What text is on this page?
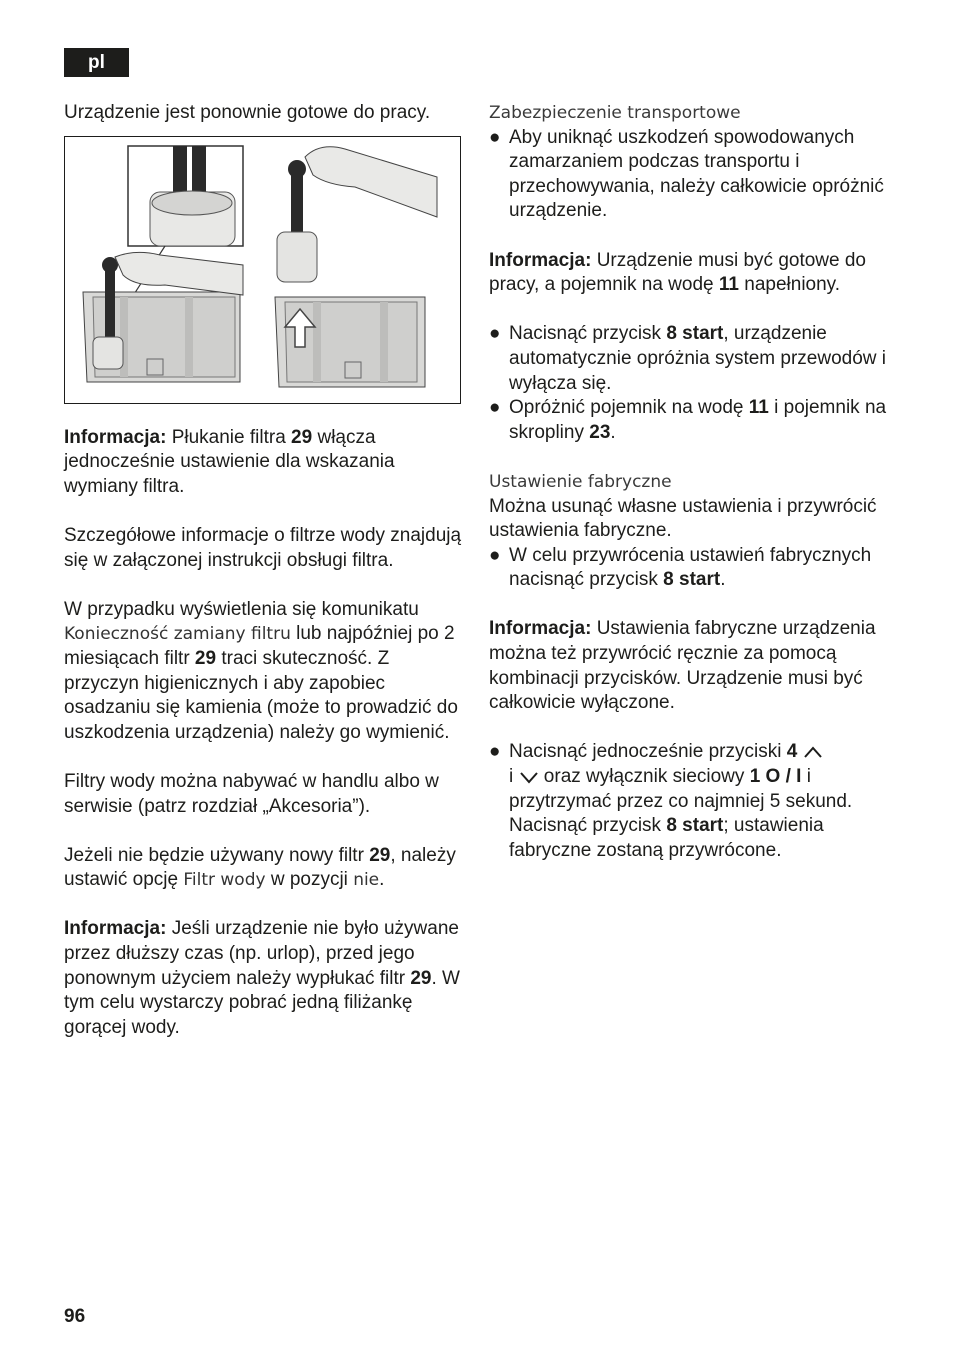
pl

Urządzenie jest ponownie gotowe do pracy.

Informacja: Płukanie filtra 29 włącza jednocześnie ustawienie dla wskazania wymiany filtra.

Szczegółowe informacje o filtrze wody znajdują się w załączonej instrukcji obsługi filtra.

W przypadku wyświetlenia się komunikatu Konieczność zamiany filtru lub najpóźniej po 2 miesiącach filtr 29 traci skuteczność. Z przyczyn higienicznych i aby zapobiec osadzaniu się kamienia (może to prowadzić do uszkodzenia urządzenia) należy go wymienić.

Filtry wody można nabywać w handlu albo w serwisie (patrz rozdział „Akcesoria”).

Jeżeli nie będzie używany nowy filtr 29, należy ustawić opcję Filtr wody w pozycji nie.

Informacja: Jeśli urządzenie nie było używane przez dłuższy czas (np. urlop), przed jego ponownym użyciem należy wypłukać filtr 29. W tym celu wystarczy pobrać jedną filiżankę gorącej wody.

Zabezpieczenie transportowe

● Aby uniknąć uszkodzeń spowodowanych zamarzaniem podczas transportu i przechowywania, należy całkowicie opróżnić urządzenie.

Informacja: Urządzenie musi być gotowe do pracy, a pojemnik na wodę 11 napełniony.

● Nacisnąć przycisk 8 start, urządzenie automatycznie opróżnia system przewodów i wyłącza się.
● Opróżnić pojemnik na wodę 11 i pojemnik na skropliny 23.

Ustawienie fabryczne

Można usunąć własne ustawienia i przywrócić ustawienia fabryczne.

● W celu przywrócenia ustawień fabrycznych nacisnąć przycisk 8 start.

Informacja: Ustawienia fabryczne urządzenia można też przywrócić ręcznie za pomocą kombinacji przycisków. Urządzenie musi być całkowicie wyłączone.

● Nacisnąć jednocześnie przyciski 4
i  oraz wyłącznik sieciowy 1 O / I i przytrzymać przez co najmniej 5 sekund. Nacisnąć przycisk 8 start; ustawienia fabryczne zostaną przywrócone.
96
